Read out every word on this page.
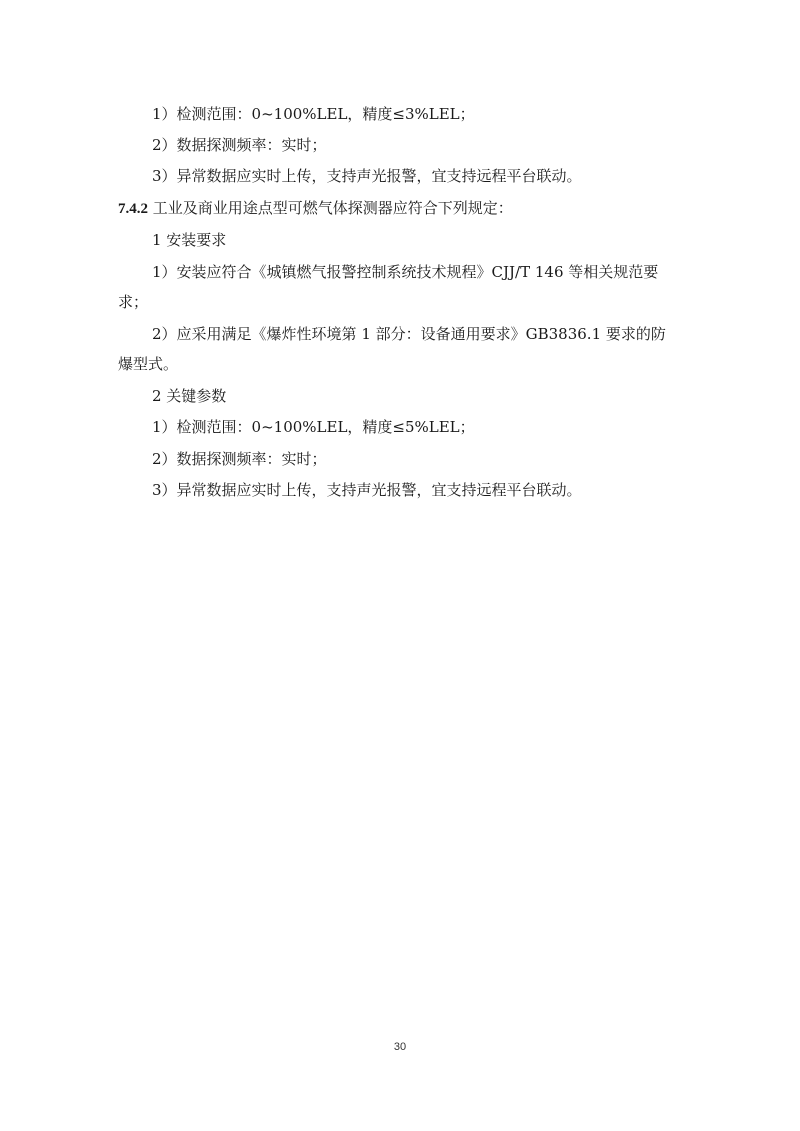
1）检测范围：0~100%LEL，精度≤3%LEL；
2）数据探测频率：实时；
3）异常数据应实时上传，支持声光报警，宜支持远程平台联动。
7.4.2 工业及商业用途点型可燃气体探测器应符合下列规定：
1 安装要求
1）安装应符合《城镇燃气报警控制系统技术规程》CJJ/T 146 等相关规范要
求；
2）应采用满足《爆炸性环境第 1 部分：设备通用要求》GB3836.1 要求的防
爆型式。
2 关键参数
1）检测范围：0~100%LEL，精度≤5%LEL；
2）数据探测频率：实时；
3）异常数据应实时上传，支持声光报警，宜支持远程平台联动。
30
